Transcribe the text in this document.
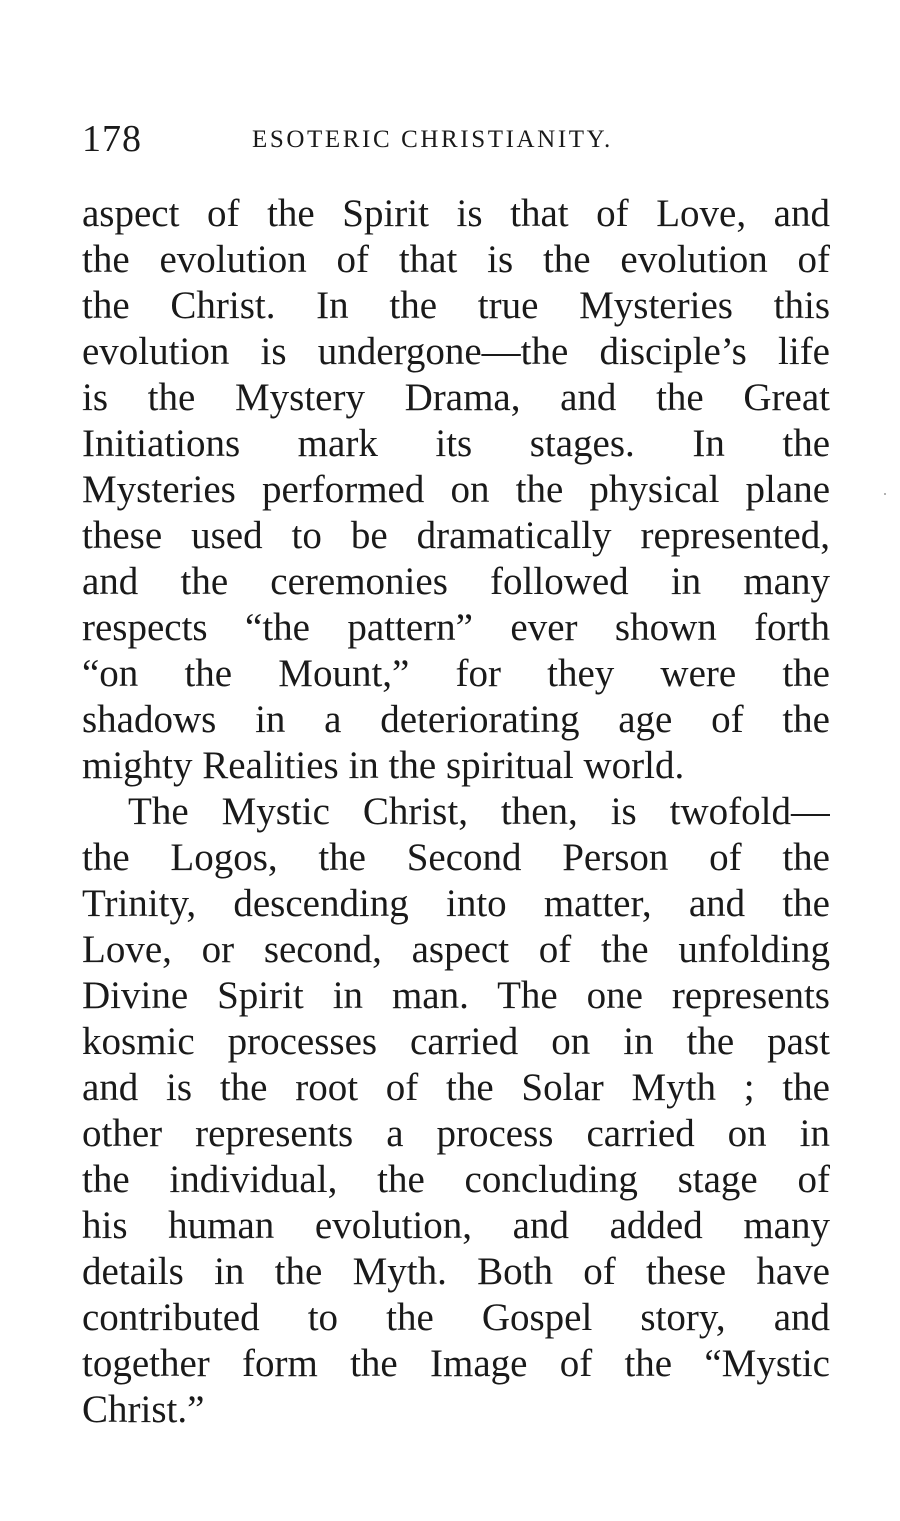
178	ESOTERIC CHRISTIANITY.
aspect of the Spirit is that of Love, and
the evolution of that is the evolution of
the Christ. In the true Mysteries this
evolution is undergone—the disciple’s life
is the Mystery Drama, and the Great
Initiations mark its stages. In the
Mysteries performed on the physical plane
these used to be dramatically represented,
and the ceremonies followed in many
respects “the pattern” ever shown forth
“on the Mount,” for they were the
shadows in a deteriorating age of the
mighty Realities in the spiritual world.
The Mystic Christ, then, is twofold—
the Logos, the Second Person of the
Trinity, descending into matter, and the
Love, or second, aspect of the unfolding
Divine Spirit in man. The one represents
kosmic processes carried on in the past
and is the root of the Solar Myth ; the
other represents a process carried on in
the individual, the concluding stage of
his human evolution, and added many
details in the Myth. Both of these have
contributed to the Gospel story, and
together form the Image of the “Mystic
Christ.”
